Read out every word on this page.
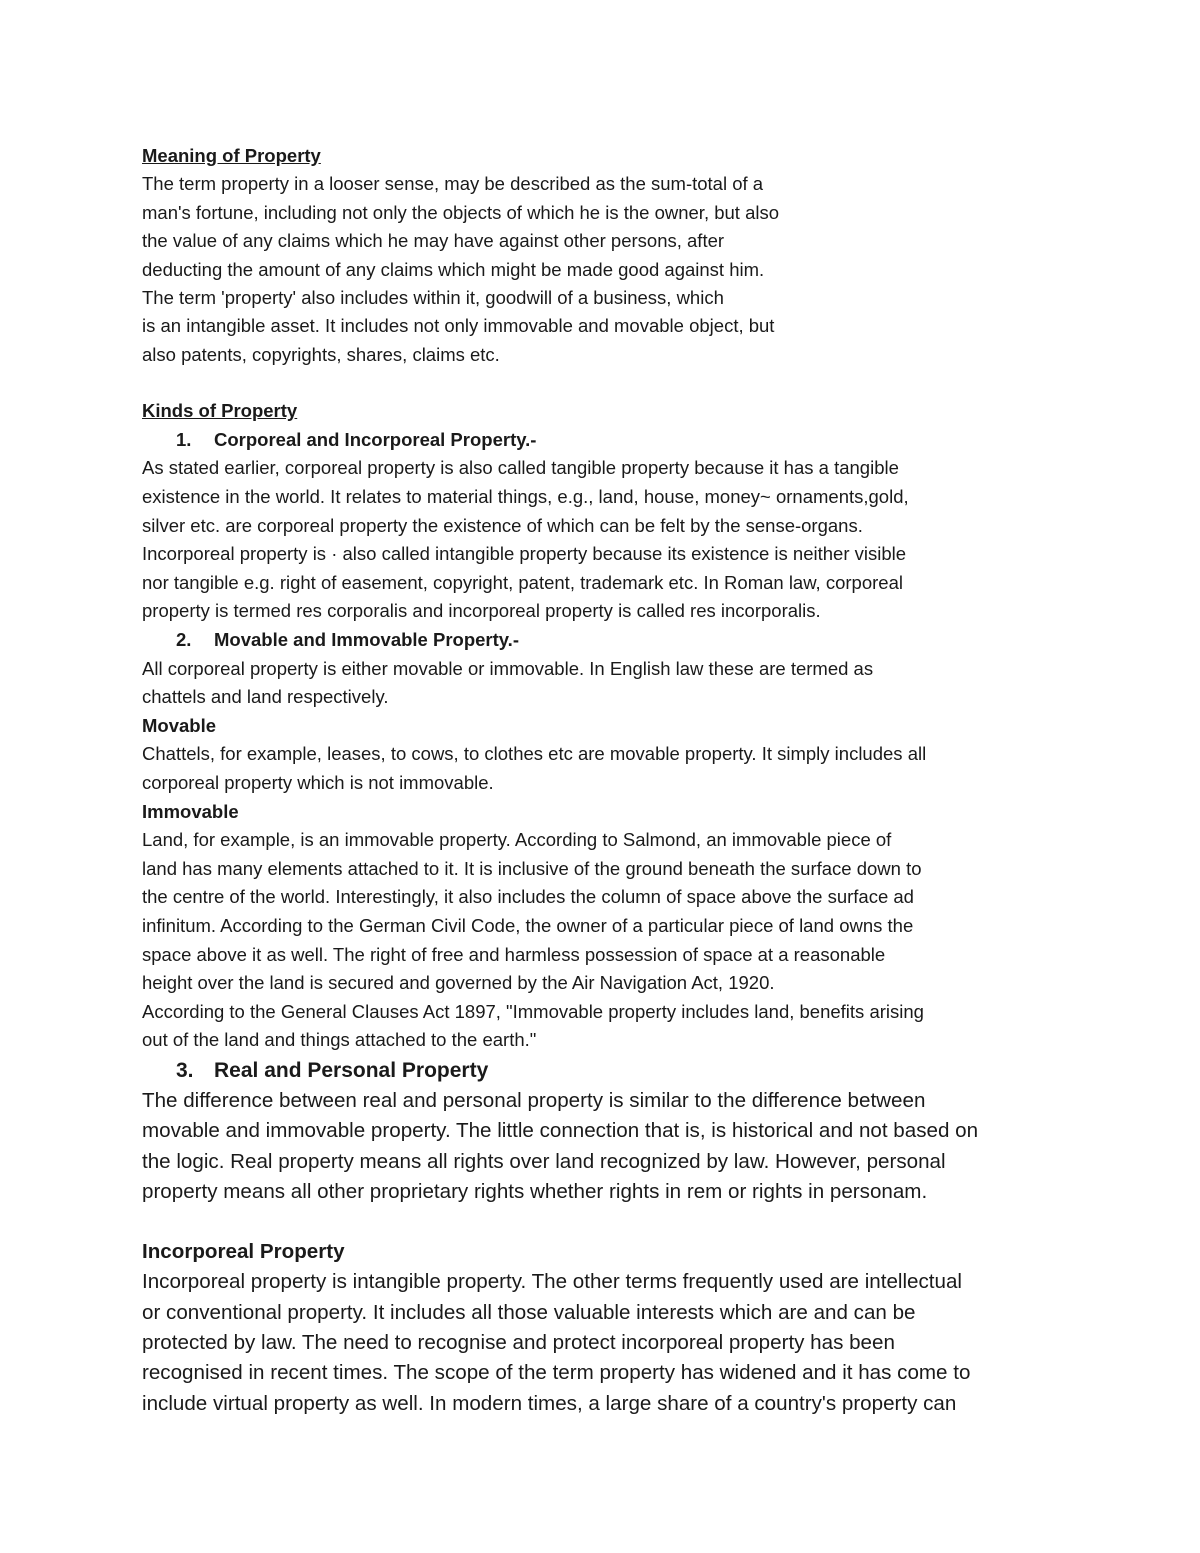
Meaning of Property
The term property in a looser sense, may be described as the sum-total of a
man's fortune, including not only the objects of which he is the owner, but also
the value of any claims which he may have against other persons, after
deducting the amount of any claims which might be made good against him.
The term 'property' also includes within it, goodwill of a business, which
is an intangible asset. It includes not only immovable and movable object, but
also patents, copyrights, shares, claims etc.
Kinds of Property
1. Corporeal and Incorporeal Property.-
As stated earlier, corporeal property is also called tangible property because it has a tangible
existence in the world. It relates to material things, e.g., land, house, money~ ornaments,gold,
silver etc. are corporeal property the existence of which can be felt by the sense-organs.
Incorporeal property is · also called intangible property because its existence is neither visible
nor tangible e.g. right of easement, copyright, patent, trademark etc. In Roman law, corporeal
property is termed res corporalis and incorporeal property is called res incorporalis.
2. Movable and Immovable Property.-
All corporeal property is either movable or immovable. In English law these are termed as
chattels and land respectively.
Movable
Chattels, for example, leases, to cows, to clothes etc are movable property. It simply includes all
corporeal property which is not immovable.
Immovable
Land, for example, is an immovable property. According to Salmond, an immovable piece of
land has many elements attached to it. It is inclusive of the ground beneath the surface down to
the centre of the world. Interestingly, it also includes the column of space above the surface ad
infinitum. According to the German Civil Code, the owner of a particular piece of land owns the
space above it as well. The right of free and harmless possession of space at a reasonable
height over the land is secured and governed by the Air Navigation Act, 1920.
According to the General Clauses Act 1897, "Immovable property includes land, benefits arising
out of the land and things attached to the earth."
3. Real and Personal Property
The difference between real and personal property is similar to the difference between
movable and immovable property. The little connection that is, is historical and not based on
the logic. Real property means all rights over land recognized by law. However, personal
property means all other proprietary rights whether rights in rem or rights in personam.
Incorporeal Property
Incorporeal property is intangible property. The other terms frequently used are intellectual
or conventional property. It includes all those valuable interests which are and can be
protected by law. The need to recognise and protect incorporeal property has been
recognised in recent times. The scope of the term property has widened and it has come to
include virtual property as well. In modern times, a large share of a country's property can
